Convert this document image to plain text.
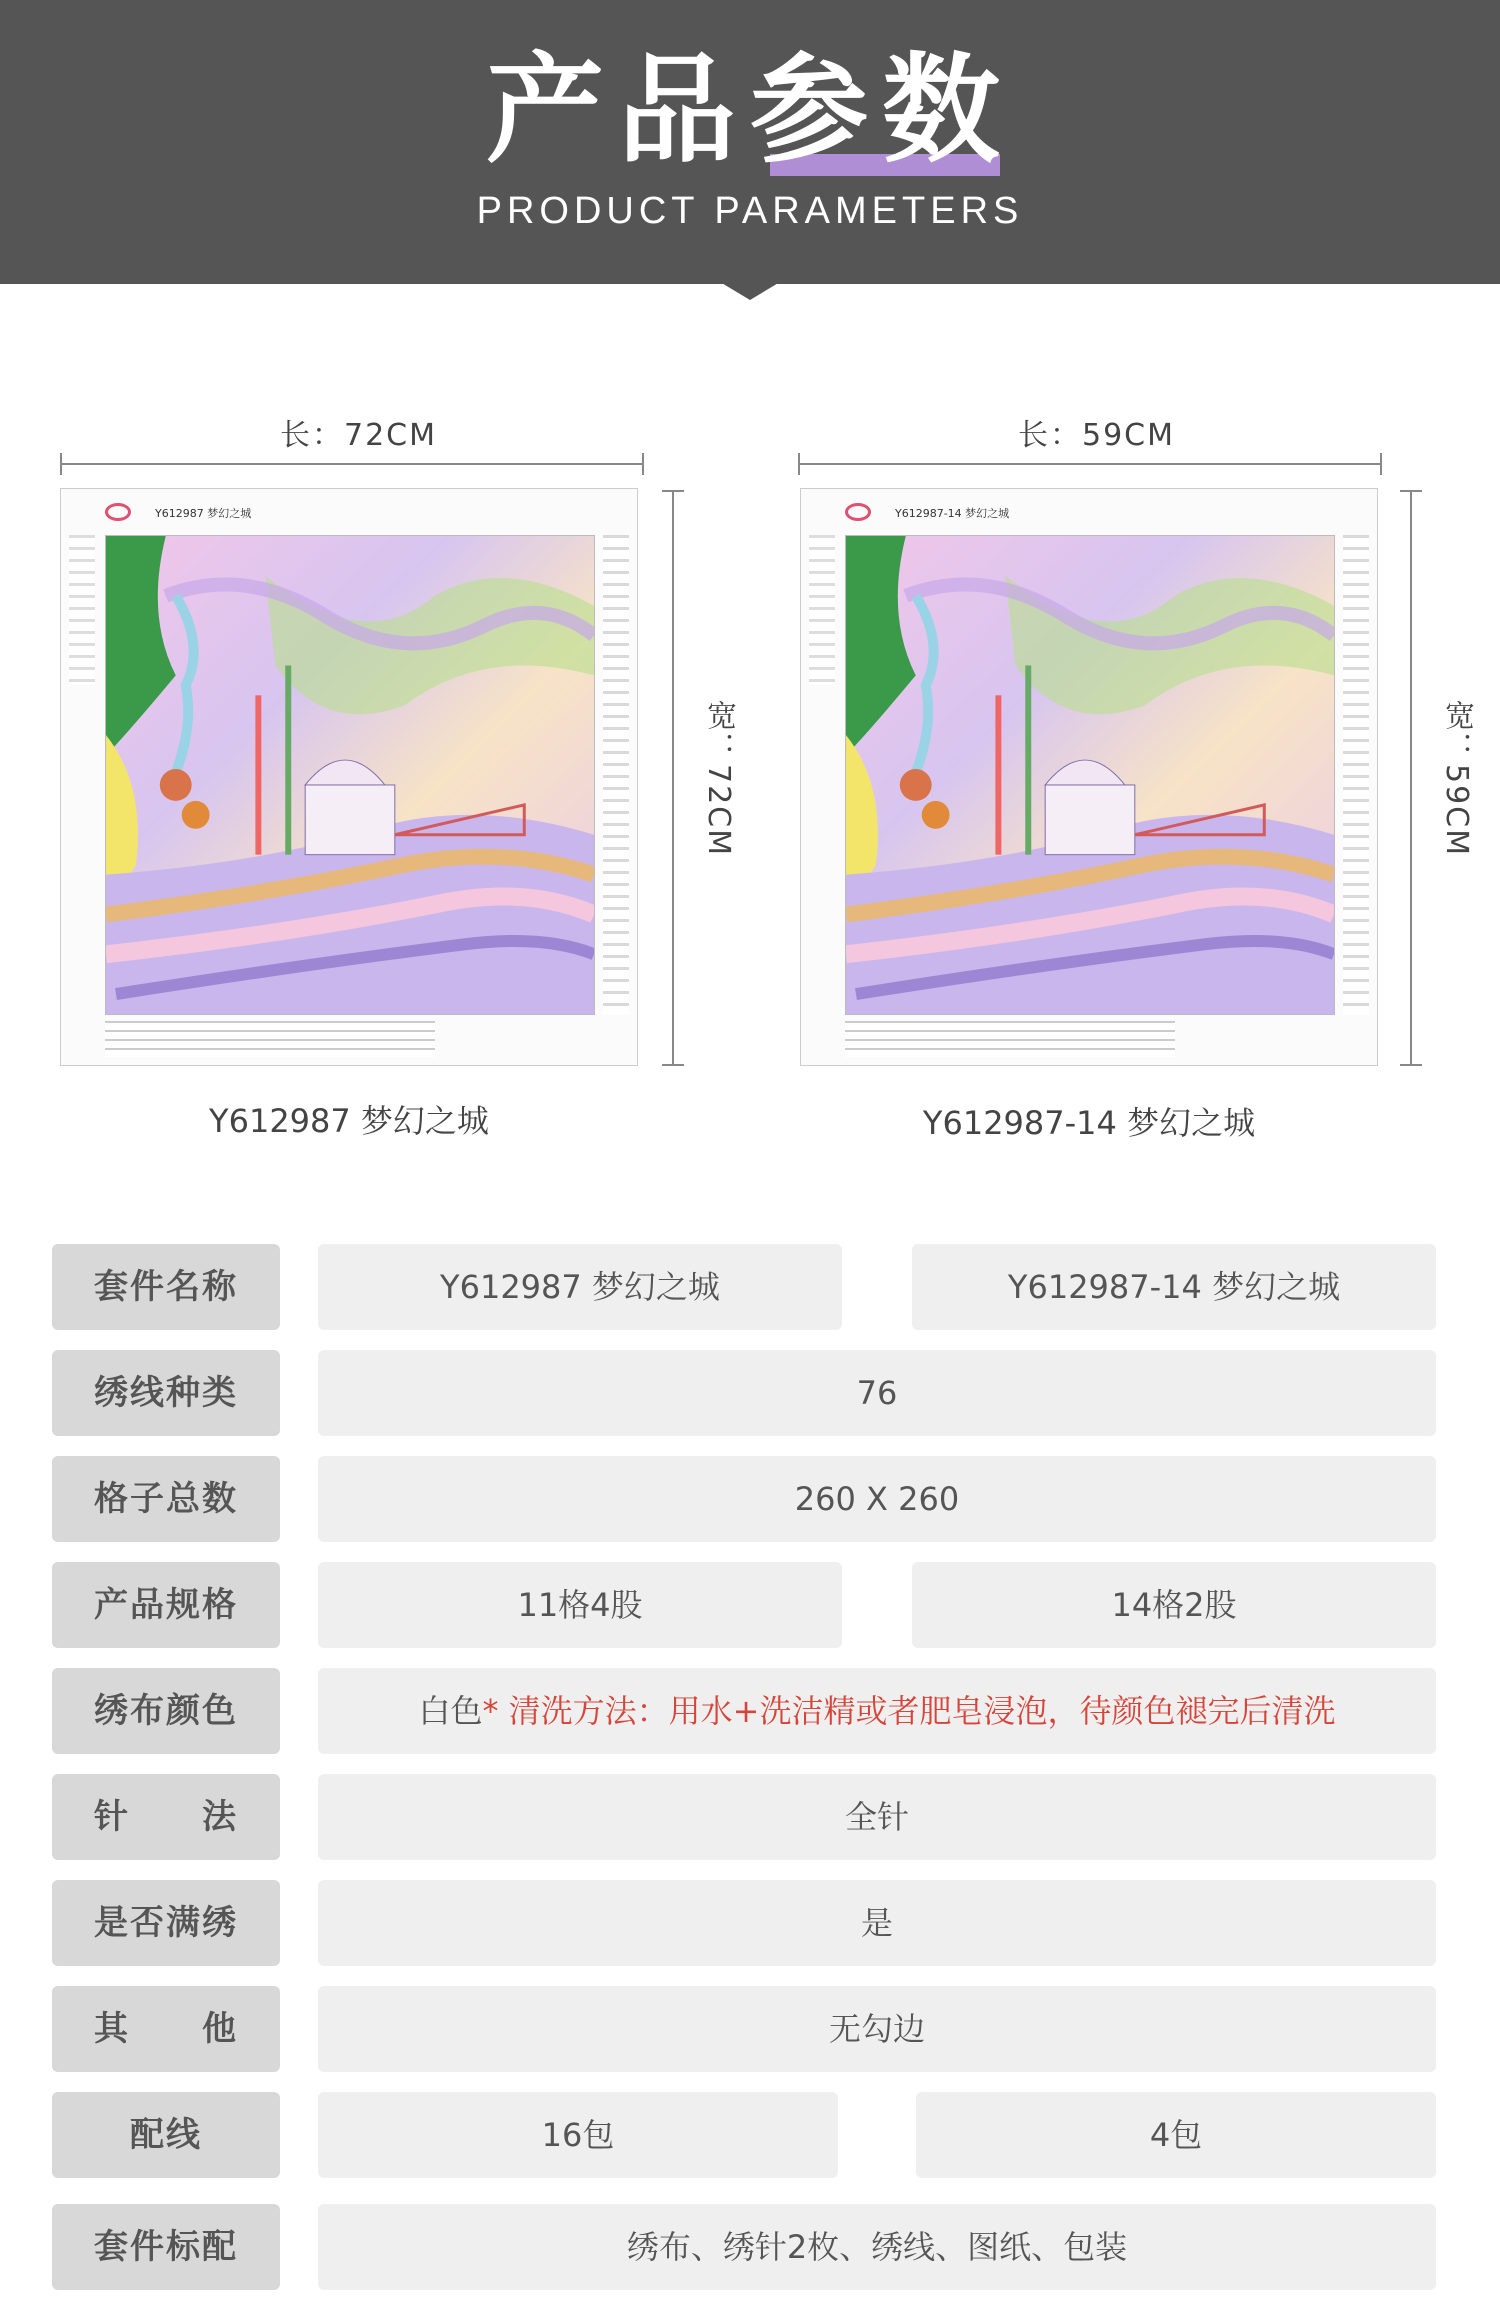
产品参数
PRODUCT PARAMETERS
长：72CM
Y612987 梦幻之城
宽：72CM
Y612987 梦幻之城
长：59CM
Y612987-14 梦幻之城
宽：59CM
Y612987-14 梦幻之城
套件名称	Y612987 梦幻之城	Y612987-14 梦幻之城
绣线种类	76
格子总数	260 X 260
产品规格	11格4股	14格2股
绣布颜色	白色* 清洗方法：用水+洗洁精或者肥皂浸泡，待颜色褪完后清洗
针　　法	全针
是否满绣	是
其　　他	无勾边
配线	16包	4包
套件标配	绣布、绣针2枚、绣线、图纸、包装
